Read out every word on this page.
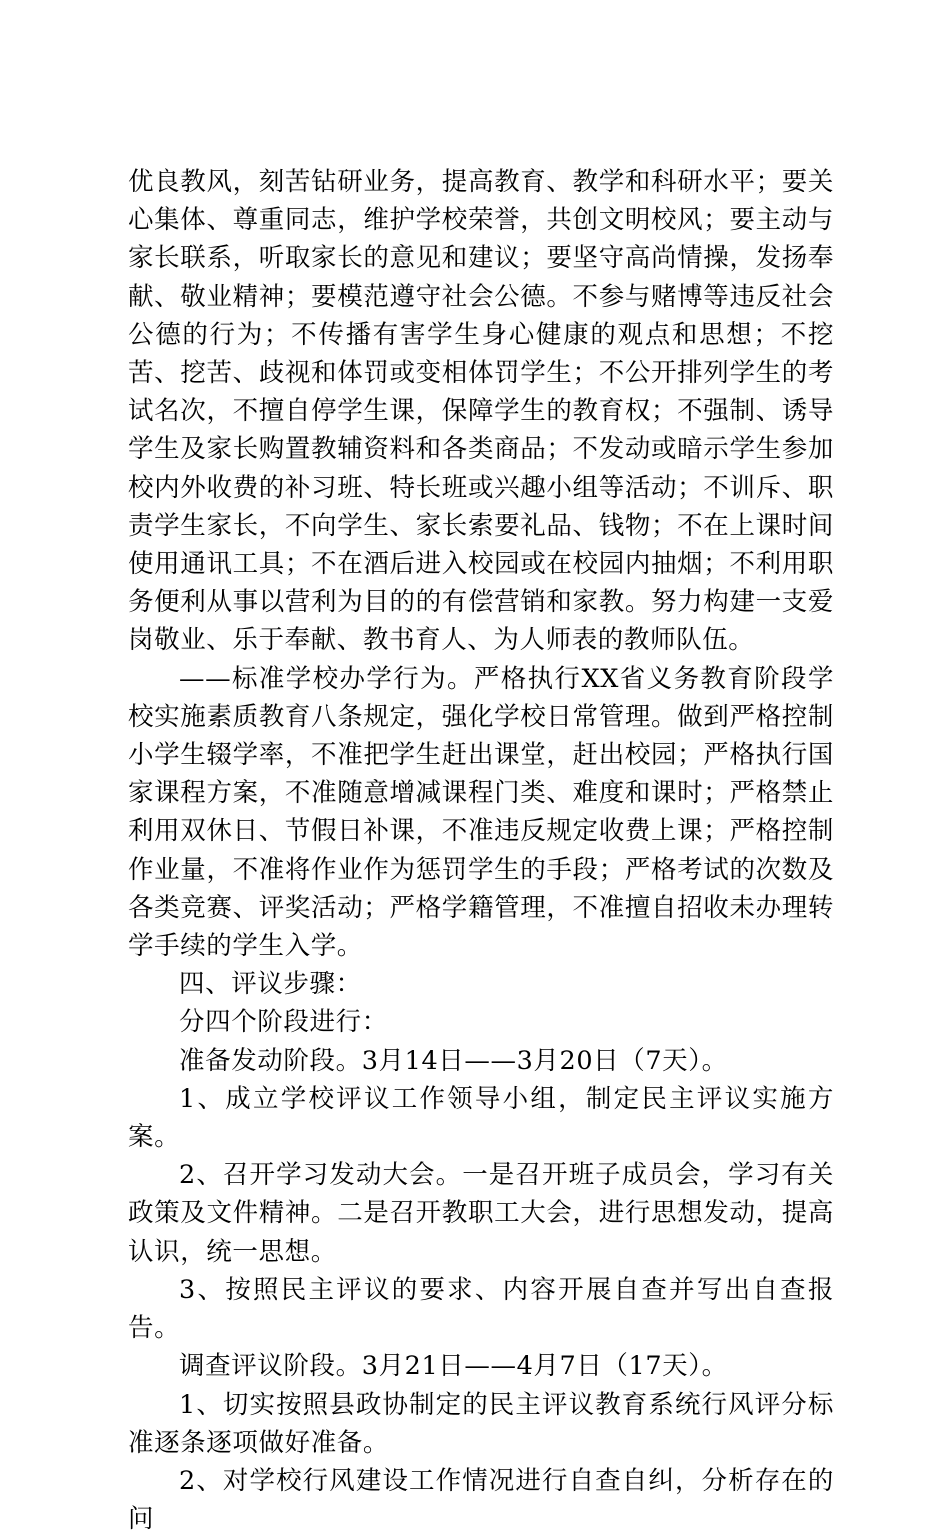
优良教风，刻苦钻研业务，提高教育、教学和科研水平；要关心集体、尊重同志，维护学校荣誉，共创文明校风；要主动与家长联系，听取家长的意见和建议；要坚守高尚情操，发扬奉献、敬业精神；要模范遵守社会公德。不参与赌博等违反社会公德的行为；不传播有害学生身心健康的观点和思想；不挖苦、挖苦、歧视和体罚或变相体罚学生；不公开排列学生的考试名次，不擅自停学生课，保障学生的教育权；不强制、诱导学生及家长购置教辅资料和各类商品；不发动或暗示学生参加校内外收费的补习班、特长班或兴趣小组等活动；不训斥、职责学生家长，不向学生、家长索要礼品、钱物；不在上课时间使用通讯工具；不在酒后进入校园或在校园内抽烟；不利用职务便利从事以营利为目的的有偿营销和家教。努力构建一支爱岗敬业、乐于奉献、教书育人、为人师表的教师队伍。

——标准学校办学行为。严格执行XX省义务教育阶段学校实施素质教育八条规定，强化学校日常管理。做到严格控制小学生辍学率，不准把学生赶出课堂，赶出校园；严格执行国家课程方案，不准随意增减课程门类、难度和课时；严格禁止利用双休日、节假日补课，不准违反规定收费上课；严格控制作业量，不准将作业作为惩罚学生的手段；严格考试的次数及各类竞赛、评奖活动；严格学籍管理，不准擅自招收未办理转学手续的学生入学。

四、评议步骤：

分四个阶段进行：

准备发动阶段。3月14日——3月20日（7天）。

1、成立学校评议工作领导小组，制定民主评议实施方案。

2、召开学习发动大会。一是召开班子成员会，学习有关政策及文件精神。二是召开教职工大会，进行思想发动，提高认识，统一思想。

3、按照民主评议的要求、内容开展自查并写出自查报告。

调查评议阶段。3月21日——4月7日（17天）。

1、切实按照县政协制定的民主评议教育系统行风评分标准逐条逐项做好准备。

2、对学校行风建设工作情况进行自查自纠，分析存在的问
